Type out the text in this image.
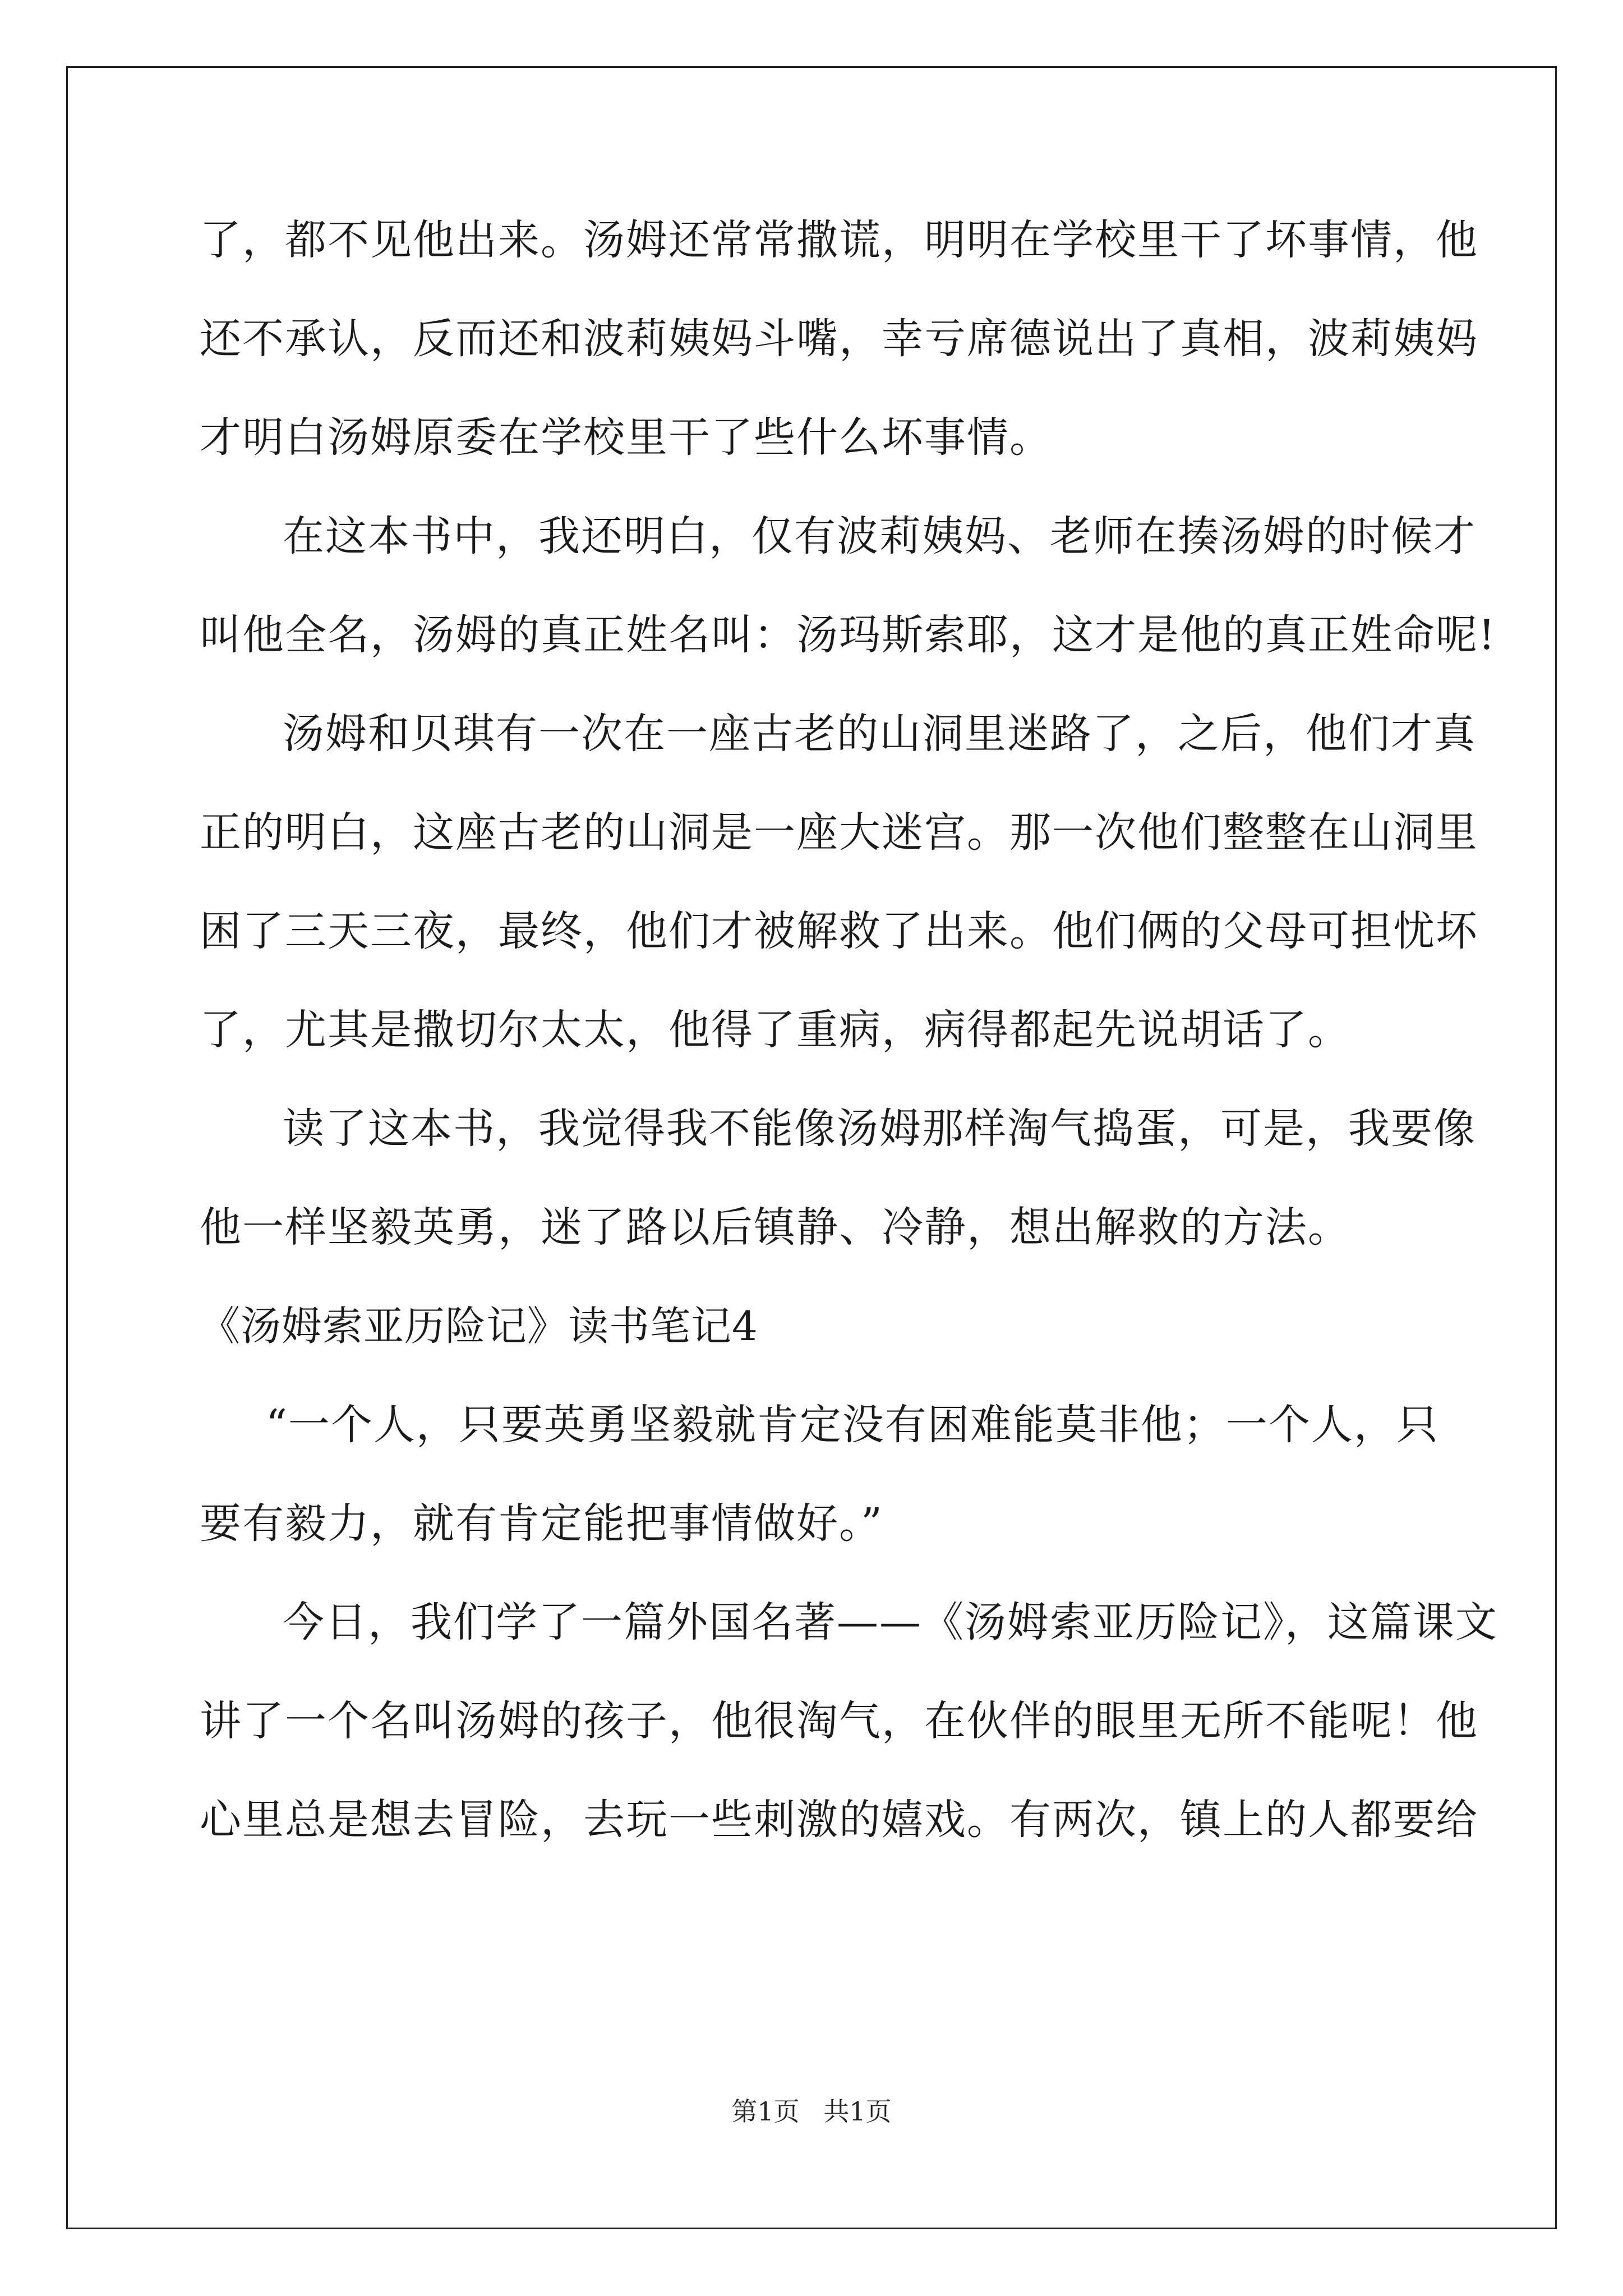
了，都不见他出来。汤姆还常常撒谎，明明在学校里干了坏事情，他
还不承认，反而还和波莉姨妈斗嘴，幸亏席德说出了真相，波莉姨妈
才明白汤姆原委在学校里干了些什么坏事情。
在这本书中，我还明白，仅有波莉姨妈、老师在揍汤姆的时候才
叫他全名，汤姆的真正姓名叫：汤玛斯索耶，这才是他的真正姓命呢!
汤姆和贝琪有一次在一座古老的山洞里迷路了，之后，他们才真
正的明白，这座古老的山洞是一座大迷宫。那一次他们整整在山洞里
困了三天三夜，最终，他们才被解救了出来。他们俩的父母可担忧坏
了，尤其是撒切尔太太，他得了重病，病得都起先说胡话了。
读了这本书，我觉得我不能像汤姆那样淘气捣蛋，可是，我要像
他一样坚毅英勇，迷了路以后镇静、冷静，想出解救的方法。
《汤姆索亚历险记》读书笔记4
“一个人，只要英勇坚毅就肯定没有困难能莫非他；一个人，只
要有毅力，就有肯定能把事情做好。”
今日，我们学了一篇外国名著——《汤姆索亚历险记》，这篇课文
讲了一个名叫汤姆的孩子，他很淘气，在伙伴的眼里无所不能呢！他
心里总是想去冒险，去玩一些刺激的嬉戏。有两次，镇上的人都要给
第1页 共1页
